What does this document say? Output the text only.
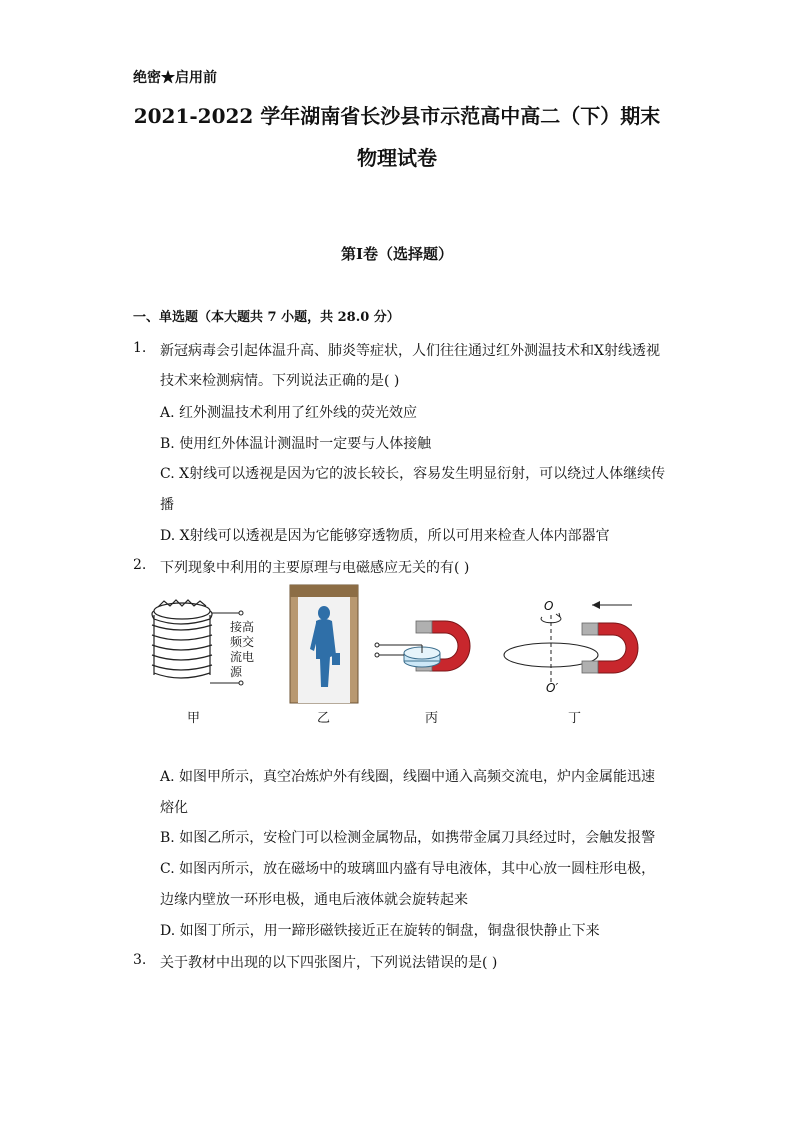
绝密★启用前
2021-2022 学年湖南省长沙县市示范高中高二（下）期末
物理试卷
第Ⅰ卷（选择题）
一、单选题（本大题共 7 小题，共 28.0 分）
1. 新冠病毒会引起体温升高、肺炎等症状，人们往往通过红外测温技术和X射线透视
技术来检测病情。下列说法正确的是( )
A. 红外测温技术利用了红外线的荧光效应
B. 使用红外体温计测温时一定要与人体接触
C. X射线可以透视是因为它的波长较长，容易发生明显衍射，可以绕过人体继续传
播
D. X射线可以透视是因为它能够穿透物质，所以可用来检查人体内部器官
2. 下列现象中利用的主要原理与电磁感应无关的有( )
接高
频交
流电
源
O
O′
甲	乙	丙	丁
A. 如图甲所示，真空冶炼炉外有线圈，线圈中通入高频交流电，炉内金属能迅速
熔化
B. 如图乙所示，安检门可以检测金属物品，如携带金属刀具经过时，会触发报警
C. 如图丙所示，放在磁场中的玻璃皿内盛有导电液体，其中心放一圆柱形电极，
边缘内壁放一环形电极，通电后液体就会旋转起来
D. 如图丁所示，用一蹄形磁铁接近正在旋转的铜盘，铜盘很快静止下来
3. 关于教材中出现的以下四张图片，下列说法错误的是( )
